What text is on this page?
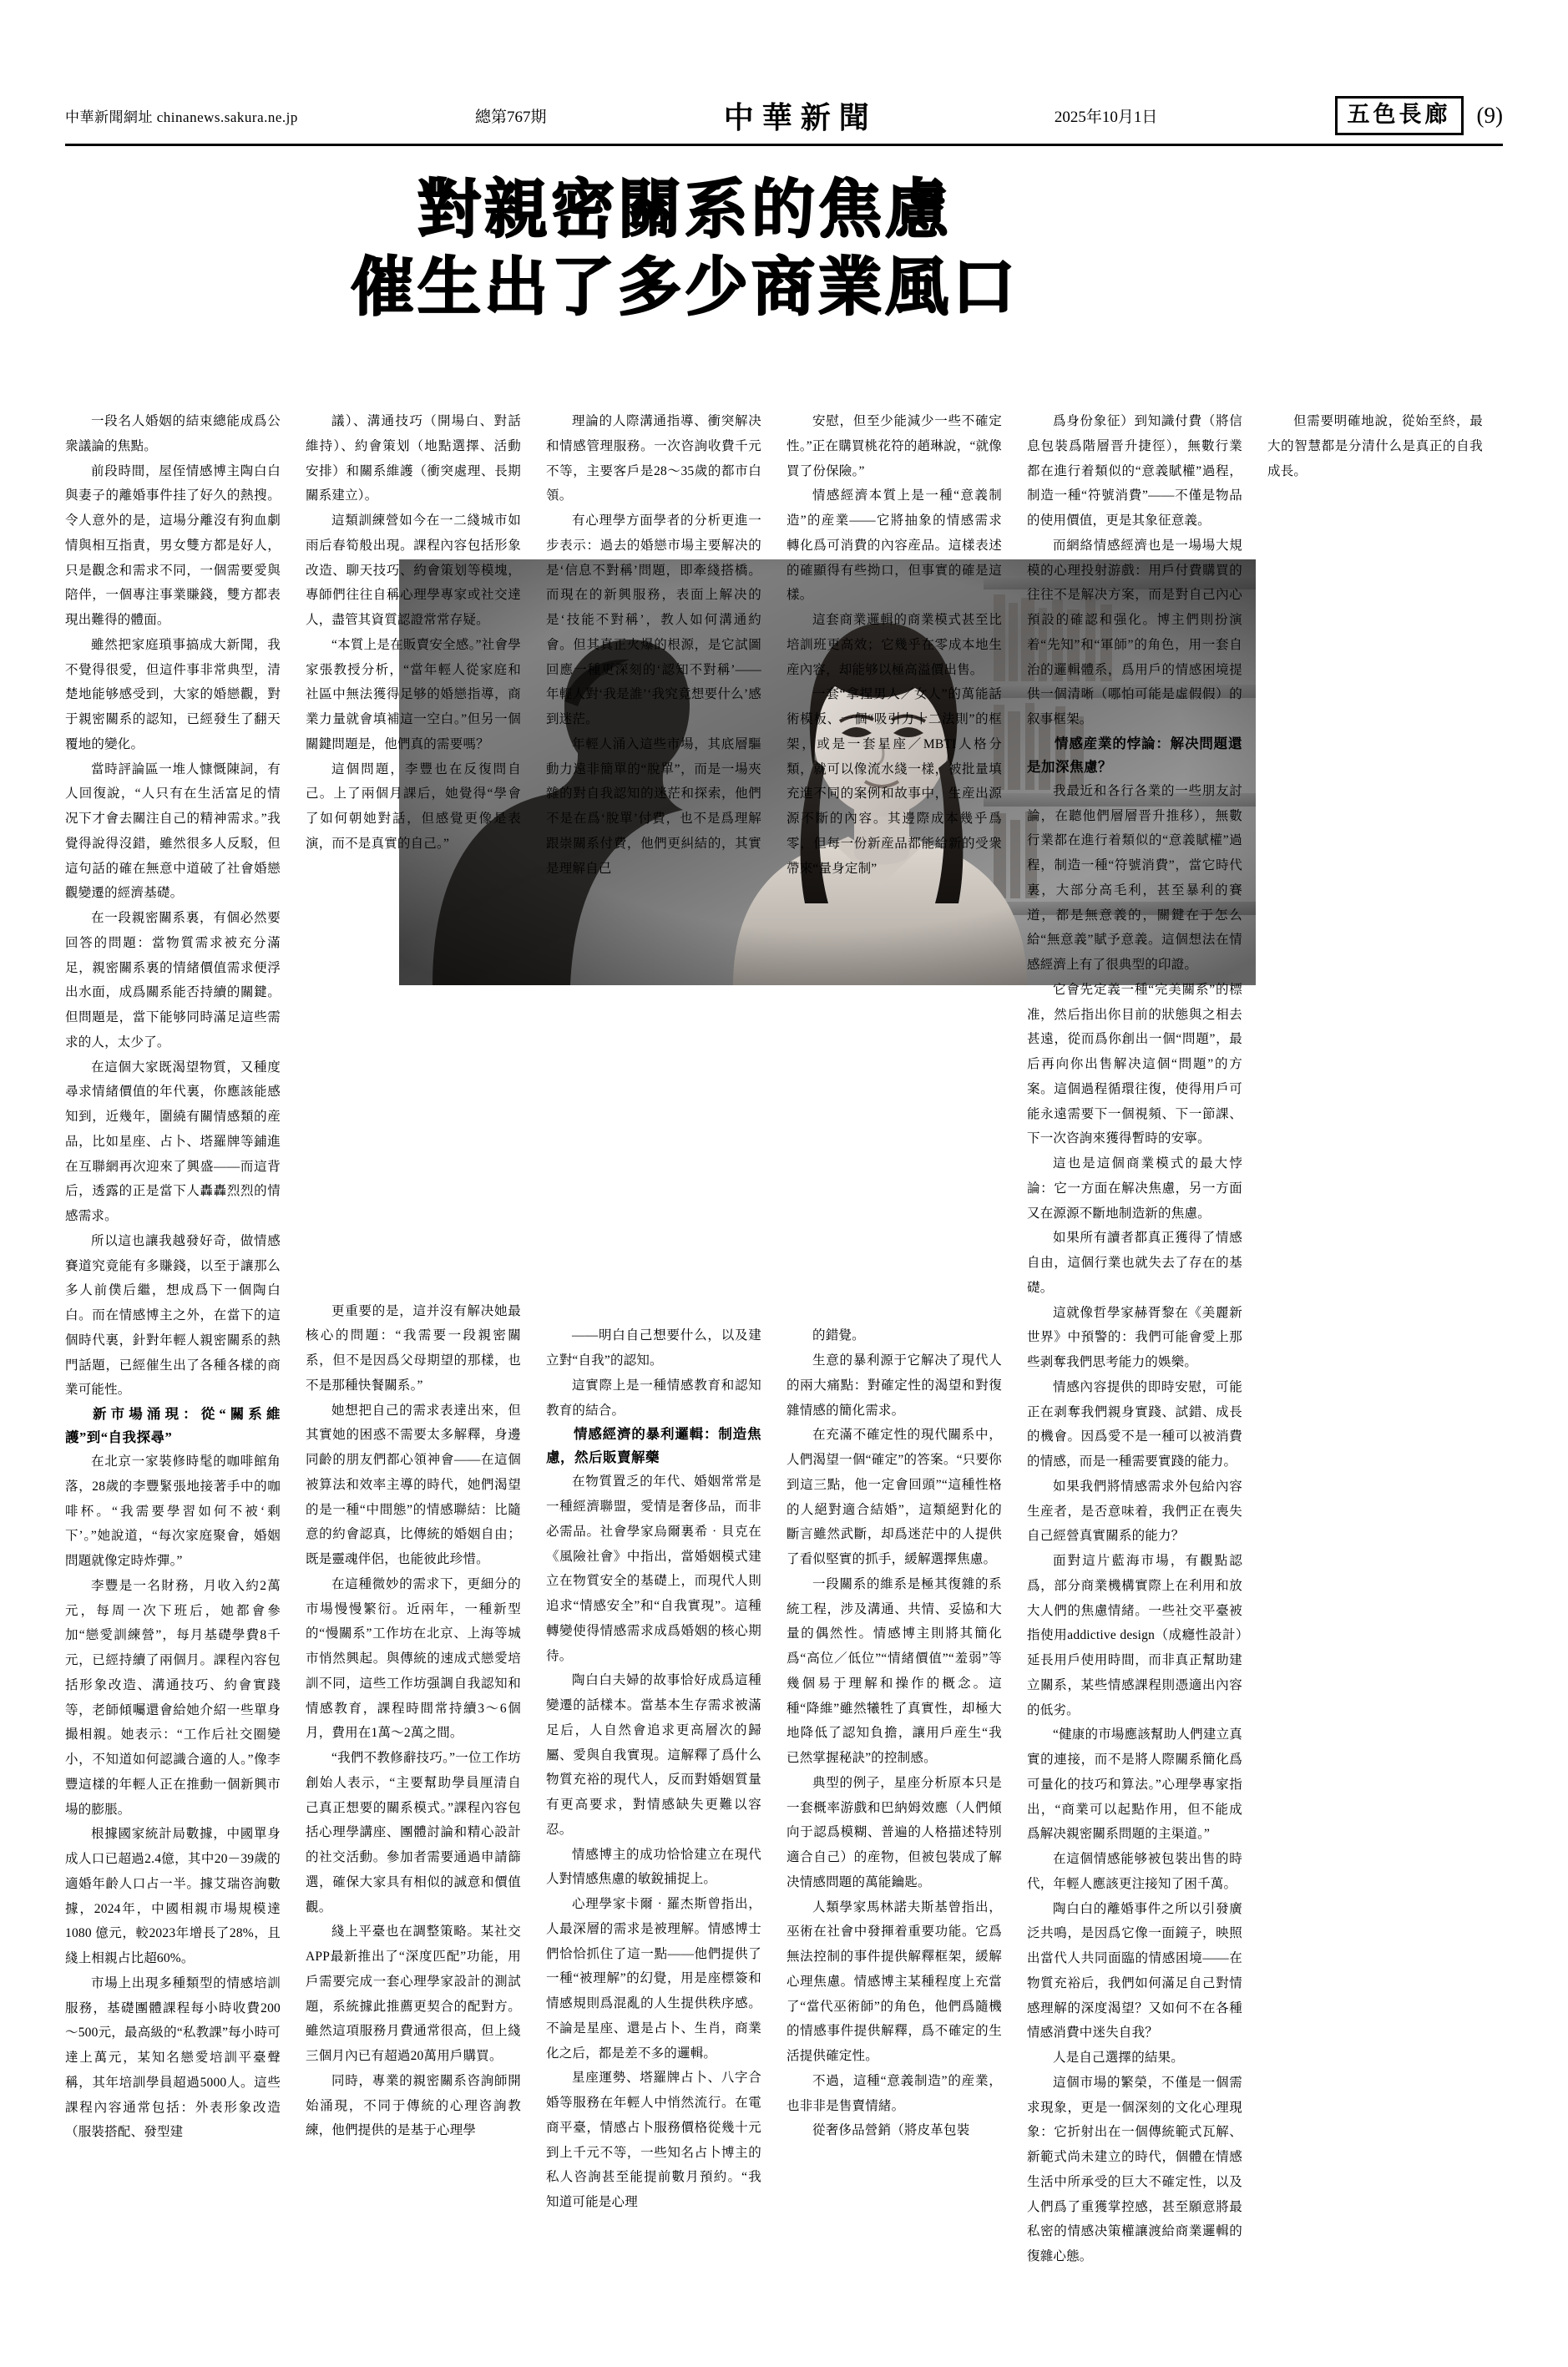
中華新聞網址 chinanews.sakura.ne.jp	總第767期	中華新聞	2025年10月1日	五色長廊	(9)
對親密關系的焦慮
催生出了多少商業風口

一段名人婚姻的結束總能成爲公衆議論的焦點。

前段時間，屋侄情感博主陶白白與妻子的離婚事件挂了好久的熱搜。令人意外的是，這場分離沒有狗血劇情與相互指責，男女雙方都是好人，只是觀念和需求不同，一個需要愛與陪伴，一個專注事業賺錢，雙方都表現出難得的體面。

雖然把家庭瑣事搞成大新聞，我不覺得很愛，但這件事非常典型，清楚地能够感受到，大家的婚戀觀，對于親密關系的認知，已經發生了翻天覆地的變化。

當時評論區一堆人慷慨陳詞，有人回復說，“人只有在生活富足的情况下才會去關注自己的精神需求。”我覺得說得沒錯，雖然很多人反駁，但這句話的確在無意中道破了社會婚戀觀變遷的經濟基礎。

在一段親密關系裏，有個必然要回答的問題：當物質需求被充分滿足，親密關系裏的情緒價值需求便浮出水面，成爲關系能否持續的關鍵。但問題是，當下能够同時滿足這些需求的人，太少了。

在這個大家既渴望物質，又種度尋求情緒價值的年代裏，你應該能感知到，近幾年，圍繞有關情感類的産品，比如星座、占卜、塔羅牌等鋪進在互聯網再次迎來了興盛——而這背后，透露的正是當下人轟轟烈烈的情感需求。

所以這也讓我越發好奇，做情感賽道究竟能有多賺錢，以至于讓那么多人前僕后繼，想成爲下一個陶白白。而在情感博主之外，在當下的這個時代裏，針對年輕人親密關系的熱門話題，已經催生出了各種各樣的商業可能性。

新市場涌現：從“關系維護”到“自我探尋”

在北京一家裝修時髦的咖啡館角落，28歲的李豐緊張地接著手中的咖啡杯。“我需要學習如何不被‘剩下’。”她說道，“每次家庭聚會，婚姻問題就像定時炸彈。”

李豐是一名財務，月收入約2萬元，每周一次下班后，她都會參加“戀愛訓練營”，每月基礎學費8千元，已經持續了兩個月。課程內容包括形象改造、溝通技巧、約會實踐等，老師傾囑還會給她介紹一些單身撮相親。她表示：“工作后社交圈變小，不知道如何認識合適的人。”像李豐這樣的年輕人正在推動一個新興市場的膨脹。

根據國家統計局數據，中國單身成人口已超過2.4億，其中20－39歲的適婚年齡人口占一半。據艾瑞咨詢數據，2024年，中國相親市場規模達 1080 億元，較2023年增長了28%，且綫上相親占比超60%。

市場上出現多種類型的情感培訓服務，基礎團體課程每小時收費200～500元，最高級的“私教課”每小時可達上萬元，某知名戀愛培訓平臺聲稱，其年培訓學員超過5000人。這些課程內容通常包括：外表形象改造（服裝搭配、發型建

議）、溝通技巧（開場白、對話維持）、約會策划（地點選擇、活動安排）和關系維護（衝突處理、長期關系建立）。

這類訓練營如今在一二綫城市如雨后春筍般出現。課程內容包括形象改造、聊天技巧、約會策划等模塊，專師們往往自稱心理學專家或社交達人，盡管其資質認證常常存疑。

“本質上是在販賣安全感。”社會學家張教授分析，“當年輕人從家庭和社區中無法獲得足够的婚戀指導，商業力量就會填補這一空白。”但另一個關鍵問題是，他們真的需要嗎？

這個問題，李豐也在反復問自己。上了兩個月課后，她覺得“學會了如何朝她對話，但感覺更像是表演，而不是真實的自己。”

更重要的是，這并沒有解决她最核心的問題：“我需要一段親密關系，但不是因爲父母期望的那樣，也不是那種快餐關系。”

她想把自己的需求表達出來，但其實她的困惑不需要太多解釋，身邊同齡的朋友們都心領神會——在這個被算法和效率主導的時代，她們渴望的是一種“中間態”的情感聯結：比隨意的約會認真，比傳統的婚姻自由；既是靈魂伴侶，也能彼此珍惜。

在這種微妙的需求下，更細分的市場慢慢繁衍。近兩年，一種新型的“慢關系”工作坊在北京、上海等城市悄然興起。與傳統的速成式戀愛培訓不同，這些工作坊强調自我認知和情感教育，課程時間常持續3～6個月，費用在1萬～2萬之間。

“我們不教修辭技巧。”一位工作坊創始人表示，“主要幫助學員厘清自己真正想要的關系模式。”課程內容包括心理學講座、團體討論和精心設計的社交活動。參加者需要通過申請篩選，確保大家具有相似的誠意和價值觀。

綫上平臺也在調整策略。某社交APP最新推出了“深度匹配”功能，用戶需要完成一套心理學家設計的測試題，系統據此推薦更契合的配對方。雖然這項服務月費通常很高，但上綫三個月內已有超過20萬用戶購買。

同時，專業的親密關系咨詢師開始涌現，不同于傳統的心理咨詢教練，他們提供的是基于心理學

理論的人際溝通指導、衝突解决和情感管理服務。一次咨詢收費千元不等，主要客戶是28～35歲的都市白領。

有心理學方面學者的分析更進一步表示：過去的婚戀市場主要解决的是‘信息不對稱’問題，即牽綫搭橋。而現在的新興服務，表面上解决的是‘技能不對稱’，教人如何溝通約會。但其真正火爆的根源，是它試圖回應一種更深刻的‘認知不對稱’——年輕人對‘我是誰’‘我究竟想要什么’感到迷茫。

年輕人涌入這些市場，其底層驅動力遠非簡單的“脫單”，而是一場夾雜的對自我認知的迷茫和探索，他們不是在爲‘脫單’付費，也不是爲理解跟崇關系付費，他們更糾結的，其實是理解自己

——明白自己想要什么，以及建立對“自我”的認知。

這實際上是一種情感教育和認知教育的結合。

情感經濟的暴利邏輯：制造焦慮，然后販賣解藥

在物質置乏的年代、婚姻常常是一種經濟聯盟，愛情是奢侈品，而非必需品。社會學家烏爾裏希‧貝克在《風險社會》中指出，當婚姻模式建立在物質安全的基礎上，而現代人則追求“情感安全”和“自我實現”。這種轉變使得情感需求成爲婚姻的核心期待。

陶白白夫婦的故事恰好成爲這種變遷的話樣本。當基本生存需求被滿足后，人自然會追求更高層次的歸屬、愛與自我實現。這解釋了爲什么物質充裕的現代人，反而對婚姻質量有更高要求，對情感缺失更難以容忍。

情感博主的成功恰恰建立在現代人對情感焦慮的敏銳捕捉上。

心理學家卡爾‧羅杰斯曾指出，人最深層的需求是被理解。情感博士們恰恰抓住了這一點——他們提供了一種“被理解”的幻覺，用是座標簽和情感規則爲混亂的人生提供秩序感。不論是星座、還是占卜、生肖，商業化之后，都是差不多的邏輯。

星座運勢、塔羅牌占卜、八字合婚等服務在年輕人中悄然流行。在電商平臺，情感占卜服務價格從幾十元到上千元不等，一些知名占卜博主的私人咨詢甚至能提前數月預約。“我知道可能是心理

安慰，但至少能減少一些不確定性。”正在購買桃花符的趙琳說，“就像買了份保險。”

情感經濟本質上是一種“意義制造”的産業——它將抽象的情感需求轉化爲可消費的內容産品。這樣表述的確顯得有些拗口，但事實的確是這樣。

這套商業邏輯的商業模式甚至比培訓班更高效；它幾乎在零成本地生産內容，却能够以極高溢價出售。

一套“拿捏男人／女人”的萬能話術模板、一個“吸引力十二法則”的框架，或是一套星座／MBTI人格分類，就可以像流水綫一樣，被批量填充進不同的案例和故事中，生産出源源不斷的內容。其邊際成本幾乎爲零，但每一份新産品都能給新的受衆帶來“量身定制”

的錯覺。

生意的暴利源于它解决了現代人的兩大痛點：對確定性的渴望和對復雜情感的簡化需求。

在充滿不確定性的現代關系中，人們渴望一個“確定”的答案。“只要你到這三點，他一定會回頭”“這種性格的人絕對適合結婚”，這類絕對化的斷言雖然武斷，却爲迷茫中的人提供了看似堅實的抓手，緩解選擇焦慮。

一段關系的維系是極其復雜的系統工程，涉及溝通、共情、妥協和大量的偶然性。情感博主則將其簡化爲“高位／低位”“情緒價值”“羞弱”等幾個易于理解和操作的概念。這種“降維”雖然犧牲了真實性，却極大地降低了認知負擔，讓用戶産生“我已然掌握秘訣”的控制感。

典型的例子，星座分析原本只是一套概率游戲和巴納姆效應（人們傾向于認爲模糊、普遍的人格描述特別適合自己）的産物，但被包裝成了解决情感問題的萬能鑰匙。

人類學家馬林諾夫斯基曾指出，巫術在社會中發揮着重要功能。它爲無法控制的事件提供解釋框架，緩解心理焦慮。情感博主某種程度上充當了“當代巫術師”的角色，他們爲隨機的情感事件提供解釋，爲不確定的生活提供確定性。

不過，這種“意義制造”的産業，也非非是售賣情緒。

從奢侈品營銷（將皮革包裝

爲身份象征）到知識付費（將信息包裝爲階層晋升捷徑），無數行業都在進行着類似的“意義賦權”過程，制造一種“符號消費”——不僅是物品的使用價值，更是其象征意義。

而網絡情感經濟也是一場場大規模的心理投射游戲：用戶付費購買的往往不是解决方案，而是對自己內心預設的確認和强化。博主們則扮演着“先知”和“軍師”的角色，用一套自治的邏輯體系，爲用戶的情感困境提供一個清晰（哪怕可能是虛假假）的叙事框架。

情感産業的悖論：解决問題還是加深焦慮？

我最近和各行各業的一些朋友討論，在聽他們層層晋升推移），無數行業都在進行着類似的“意義賦權”過程，制造一種“符號消費”，當它時代裏，大部分高毛利，甚至暴利的賽道，都是無意義的，關鍵在于怎么給“無意義”賦予意義。這個想法在情感經濟上有了很典型的印證。

它會先定義一種“完美關系”的標准，然后指出你目前的狀態與之相去甚遠，從而爲你創出一個“問題”，最后再向你出售解决這個“問題”的方案。這個過程循環往復，使得用戶可能永遠需要下一個視頻、下一節課、下一次咨詢來獲得暫時的安寧。

這也是這個商業模式的最大悖論：它一方面在解决焦慮，另一方面又在源源不斷地制造新的焦慮。

如果所有讀者都真正獲得了情感自由，這個行業也就失去了存在的基礎。

這就像哲學家赫胥黎在《美麗新世界》中預警的：我們可能會愛上那些剥奪我們思考能力的娛樂。

情感內容提供的即時安慰，可能正在剥奪我們親身實踐、試錯、成長的機會。因爲愛不是一種可以被消費的情感，而是一種需要實踐的能力。

如果我們將情感需求外包給內容生産者，是否意味着，我們正在喪失自己經營真實關系的能力？

面對這片藍海市場，有觀點認爲，部分商業機構實際上在利用和放大人們的焦慮情緒。一些社交平臺被指使用addictive design（成癮性設計）延長用戶使用時間，而非真正幫助建立關系，某些情感課程則憑適出內容的低劣。

“健康的市場應該幫助人們建立真實的連接，而不是將人際關系簡化爲可量化的技巧和算法。”心理學專家指出，“商業可以起點作用，但不能成爲解决親密關系問題的主渠道。”

在這個情感能够被包裝出售的時代，年輕人應該更注接知了困千萬。

陶白白的離婚事件之所以引發廣泛共鳴，是因爲它像一面鏡子，映照出當代人共同面臨的情感困境——在物質充裕后，我們如何滿足自己對情感理解的深度渴望？又如何不在各種情感消費中迷失自我？

人是自己選擇的結果。

這個市場的繁榮，不僅是一個需求現象，更是一個深刻的文化心理現象：它折射出在一個傳統範式瓦解、新範式尚未建立的時代，個體在情感生活中所承受的巨大不確定性，以及人們爲了重獲掌控感，甚至願意將最私密的情感决策權讓渡給商業邏輯的復雜心態。

但需要明確地說，從始至終，最大的智慧都是分清什么是真正的自我成長。
